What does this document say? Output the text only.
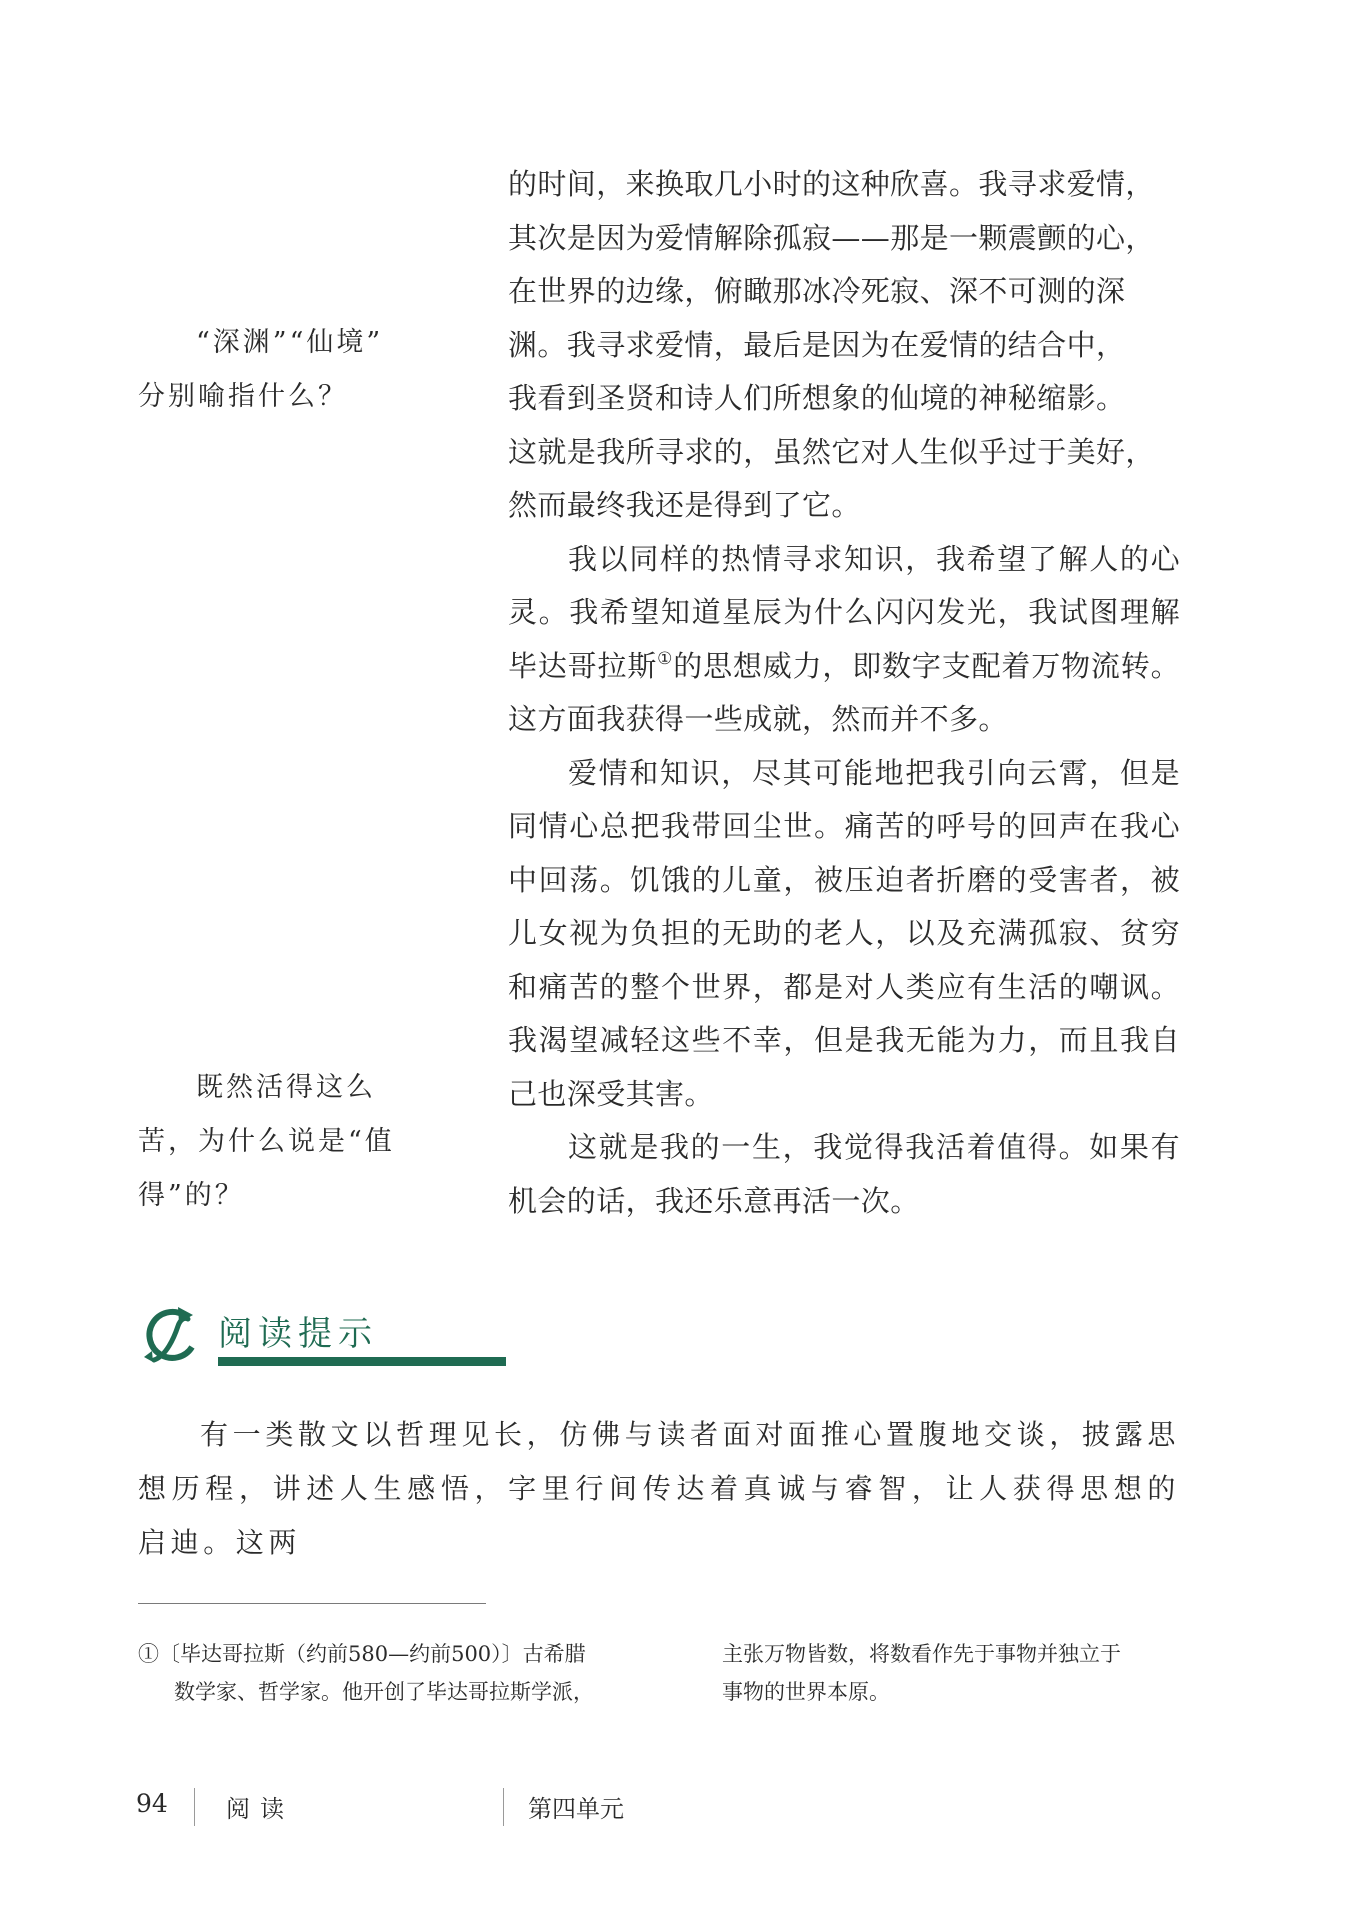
的时间，来换取几小时的这种欣喜。我寻求爱情，
其次是因为爱情解除孤寂——那是一颗震颤的心，
在世界的边缘，俯瞰那冰冷死寂、深不可测的深
渊。我寻求爱情，最后是因为在爱情的结合中，
我看到圣贤和诗人们所想象的仙境的神秘缩影。
这就是我所寻求的，虽然它对人生似乎过于美好，
然而最终我还是得到了它。

我以同样的热情寻求知识，我希望了解人的心灵。我希望知道星辰为什么闪闪发光，我试图理解毕达哥拉斯①的思想威力，即数字支配着万物流转。这方面我获得一些成就，然而并不多。

爱情和知识，尽其可能地把我引向云霄，但是同情心总把我带回尘世。痛苦的呼号的回声在我心中回荡。饥饿的儿童，被压迫者折磨的受害者，被儿女视为负担的无助的老人，以及充满孤寂、贫穷和痛苦的整个世界，都是对人类应有生活的嘲讽。我渴望减轻这些不幸，但是我无能为力，而且我自己也深受其害。

这就是我的一生，我觉得我活着值得。如果有机会的话，我还乐意再活一次。

“深渊”“仙境”
分别喻指什么？
既然活得这么
苦，为什么说是“值
得”的？
阅读提示

有一类散文以哲理见长，仿佛与读者面对面推心置腹地交谈，披露思想历程，讲述人生感悟，字里行间传达着真诚与睿智，让人获得思想的启迪。这两

①〔毕达哥拉斯（约前580—约前500）〕古希腊

数学家、哲学家。他开创了毕达哥拉斯学派，
主张万物皆数，将数看作先于事物并独立于
事物的世界本原。
94 阅读	第四单元
